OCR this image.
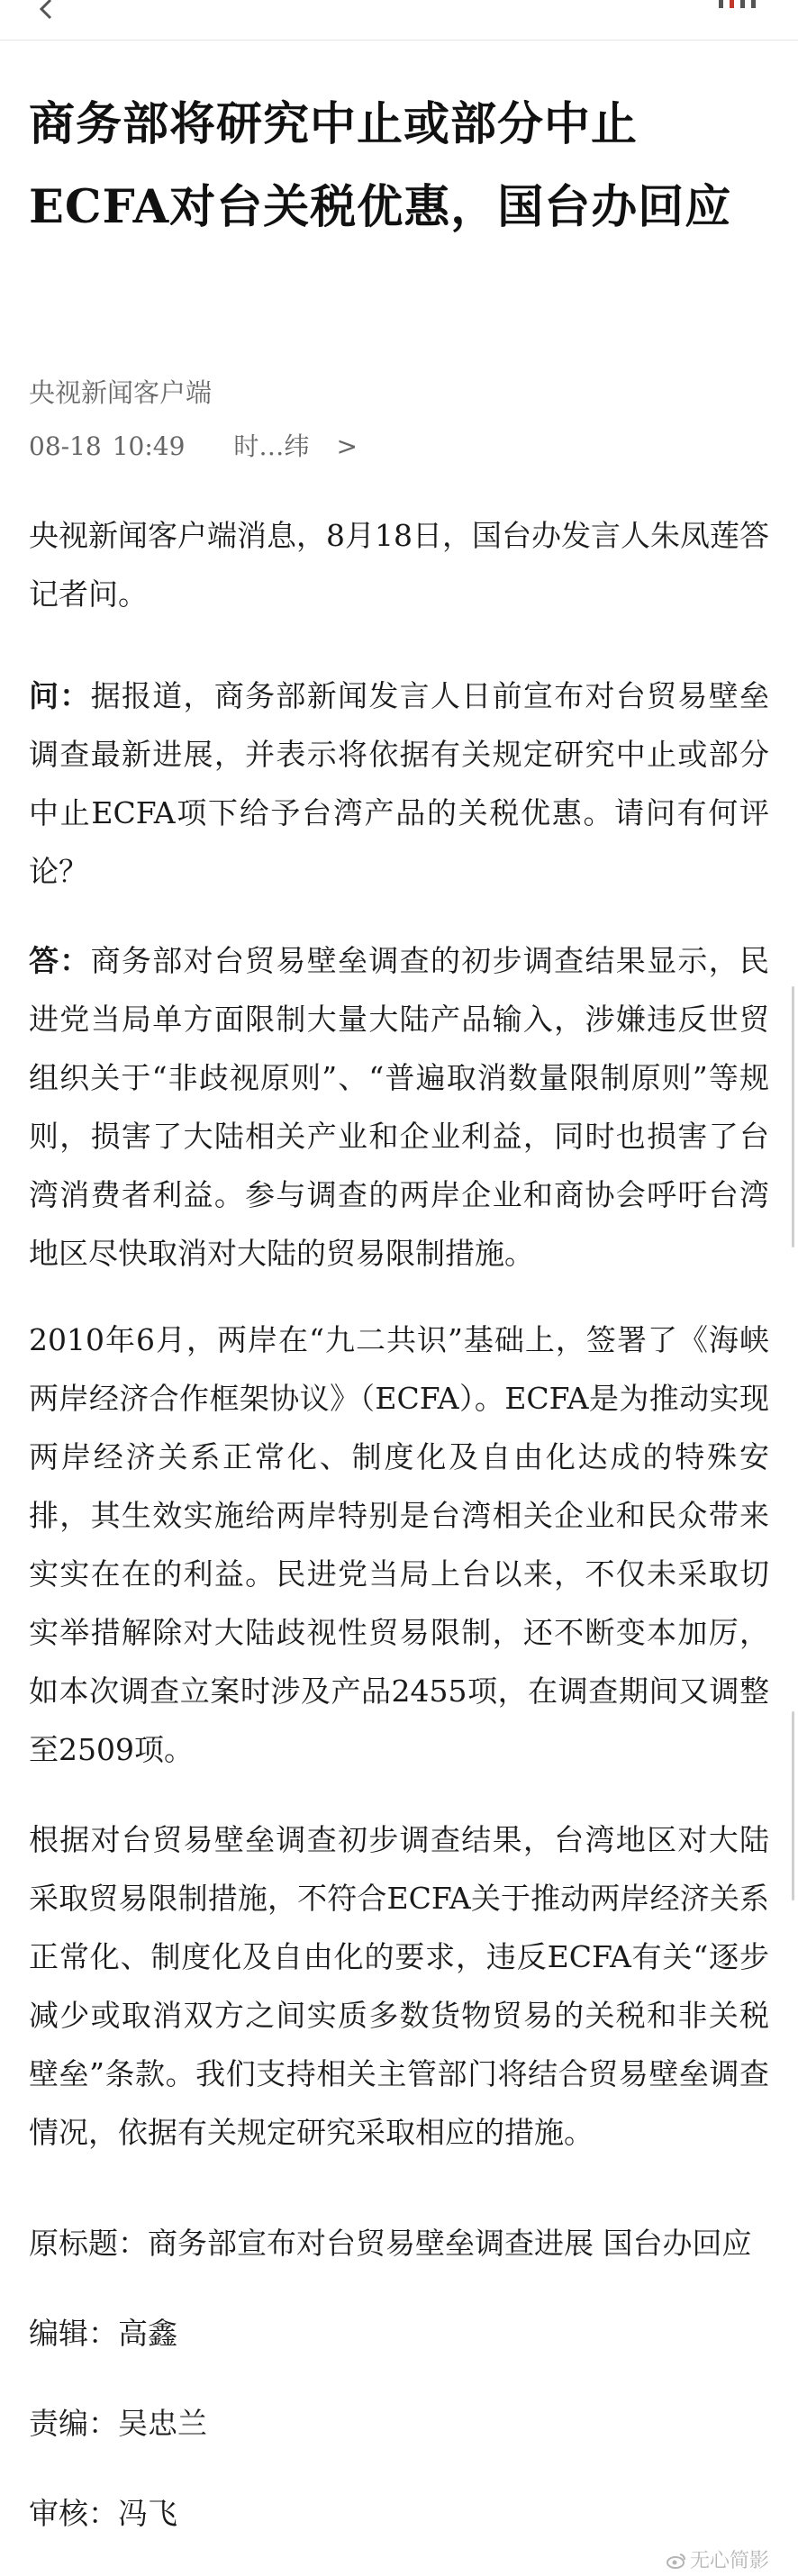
商务部将研究中止或部分中止ECFA对台关税优惠，国台办回应

央视新闻客户端

08-18 10:49 时…纬 >

央视新闻客户端消息，8月18日，国台办发言人朱凤莲答记者问。

问：据报道，商务部新闻发言人日前宣布对台贸易壁垒调查最新进展，并表示将依据有关规定研究中止或部分中止ECFA项下给予台湾产品的关税优惠。请问有何评论？

答：商务部对台贸易壁垒调查的初步调查结果显示，民进党当局单方面限制大量大陆产品输入，涉嫌违反世贸组织关于“非歧视原则”、“普遍取消数量限制原则”等规则，损害了大陆相关产业和企业利益，同时也损害了台湾消费者利益。参与调查的两岸企业和商协会呼吁台湾地区尽快取消对大陆的贸易限制措施。

2010年6月，两岸在“九二共识”基础上，签署了《海峡两岸经济合作框架协议》（ECFA）。ECFA是为推动实现两岸经济关系正常化、制度化及自由化达成的特殊安排，其生效实施给两岸特别是台湾相关企业和民众带来实实在在的利益。民进党当局上台以来，不仅未采取切实举措解除对大陆歧视性贸易限制，还不断变本加厉，如本次调查立案时涉及产品2455项，在调查期间又调整至2509项。

根据对台贸易壁垒调查初步调查结果，台湾地区对大陆采取贸易限制措施，不符合ECFA关于推动两岸经济关系正常化、制度化及自由化的要求，违反ECFA有关“逐步减少或取消双方之间实质多数货物贸易的关税和非关税壁垒”条款。我们支持相关主管部门将结合贸易壁垒调查情况，依据有关规定研究采取相应的措施。

原标题：商务部宣布对台贸易壁垒调查进展 国台办回应

编辑：高鑫

责编：吴忠兰

审核：冯飞

无心简影
